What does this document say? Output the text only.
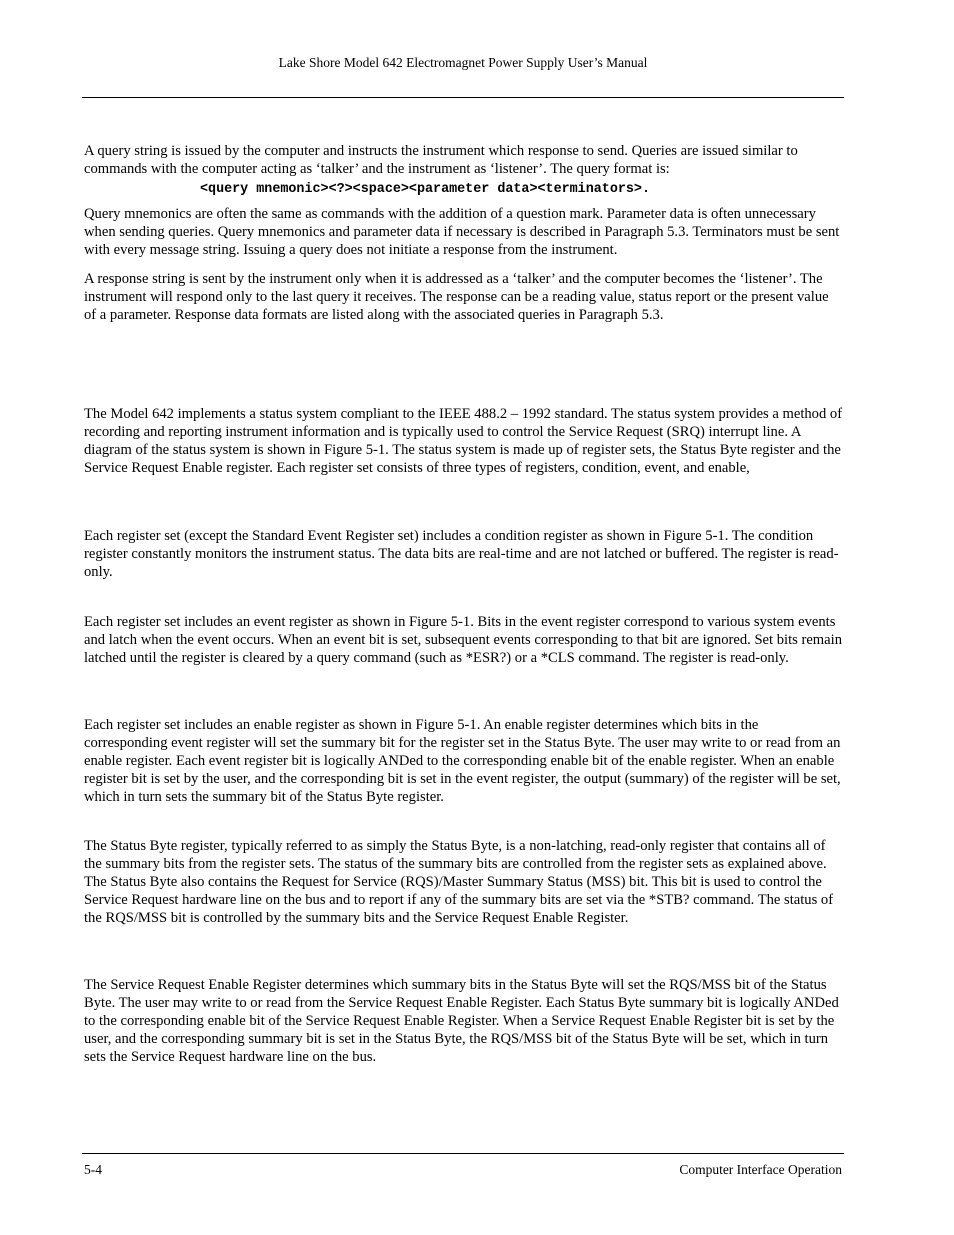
Lake Shore Model 642 Electromagnet Power Supply User’s Manual

A query string is issued by the computer and instructs the instrument which response to send. Queries are issued similar to commands with the computer acting as ‘talker’ and the instrument as ‘listener’. The query format is:

<query mnemonic><?><space><parameter data><terminators>.

Query mnemonics are often the same as commands with the addition of a question mark. Parameter data is often unnecessary when sending queries. Query mnemonics and parameter data if necessary is described in Paragraph 5.3. Terminators must be sent with every message string. Issuing a query does not initiate a response from the instrument.

A response string is sent by the instrument only when it is addressed as a ‘talker’ and the computer becomes the ‘listener’. The instrument will respond only to the last query it receives. The response can be a reading value, status report or the present value of a parameter. Response data formats are listed along with the associated queries in Paragraph 5.3.

The Model 642 implements a status system compliant to the IEEE 488.2 – 1992 standard. The status system provides a method of recording and reporting instrument information and is typically used to control the Service Request (SRQ) interrupt line. A diagram of the status system is shown in Figure 5-1. The status system is made up of register sets, the Status Byte register and the Service Request Enable register. Each register set consists of three types of registers, condition, event, and enable,

Each register set (except the Standard Event Register set) includes a condition register as shown in Figure 5-1. The condition register constantly monitors the instrument status. The data bits are real-time and are not latched or buffered. The register is read-only.

Each register set includes an event register as shown in Figure 5-1. Bits in the event register correspond to various system events and latch when the event occurs. When an event bit is set, subsequent events corresponding to that bit are ignored. Set bits remain latched until the register is cleared by a query command (such as *ESR?) or a *CLS command. The register is read-only.

Each register set includes an enable register as shown in Figure 5-1. An enable register determines which bits in the corresponding event register will set the summary bit for the register set in the Status Byte. The user may write to or read from an enable register. Each event register bit is logically ANDed to the corresponding enable bit of the enable register. When an enable register bit is set by the user, and the corresponding bit is set in the event register, the output (summary) of the register will be set, which in turn sets the summary bit of the Status Byte register.

The Status Byte register, typically referred to as simply the Status Byte, is a non-latching, read-only register that contains all of the summary bits from the register sets. The status of the summary bits are controlled from the register sets as explained above. The Status Byte also contains the Request for Service (RQS)/Master Summary Status (MSS) bit. This bit is used to control the Service Request hardware line on the bus and to report if any of the summary bits are set via the *STB? command. The status of the RQS/MSS bit is controlled by the summary bits and the Service Request Enable Register.

The Service Request Enable Register determines which summary bits in the Status Byte will set the RQS/MSS bit of the Status Byte. The user may write to or read from the Service Request Enable Register. Each Status Byte summary bit is logically ANDed to the corresponding enable bit of the Service Request Enable Register. When a Service Request Enable Register bit is set by the user, and the corresponding summary bit is set in the Status Byte, the RQS/MSS bit of the Status Byte will be set, which in turn sets the Service Request hardware line on the bus.

5-4	Computer Interface Operation
